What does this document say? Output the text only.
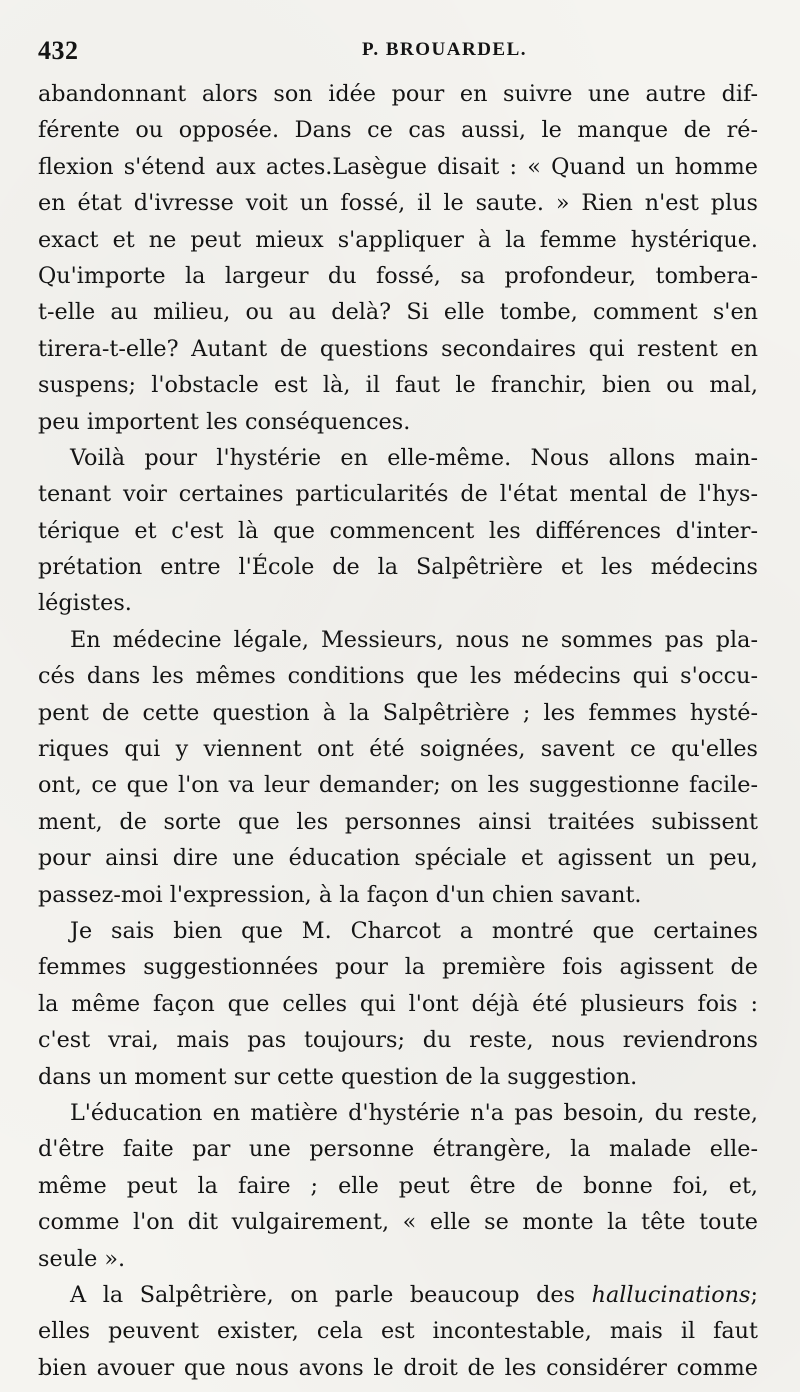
432	P. BROUARDEL.
abandonnant alors son idée pour en suivre une autre dif-
férente ou opposée. Dans ce cas aussi, le manque de ré-
flexion s'étend aux actes.Lasègue disait : « Quand un homme
en état d'ivresse voit un fossé, il le saute. » Rien n'est plus
exact et ne peut mieux s'appliquer à la femme hystérique.
Qu'importe la largeur du fossé, sa profondeur, tombera-
t-elle au milieu, ou au delà? Si elle tombe, comment s'en
tirera-t-elle? Autant de questions secondaires qui restent en
suspens; l'obstacle est là, il faut le franchir, bien ou mal,
peu importent les conséquences.
Voilà pour l'hystérie en elle-même. Nous allons main-
tenant voir certaines particularités de l'état mental de l'hys-
térique et c'est là que commencent les différences d'inter-
prétation entre l'École de la Salpêtrière et les médecins
légistes.
En médecine légale, Messieurs, nous ne sommes pas pla-
cés dans les mêmes conditions que les médecins qui s'occu-
pent de cette question à la Salpêtrière ; les femmes hysté-
riques qui y viennent ont été soignées, savent ce qu'elles
ont, ce que l'on va leur demander; on les suggestionne facile-
ment, de sorte que les personnes ainsi traitées subissent
pour ainsi dire une éducation spéciale et agissent un peu,
passez-moi l'expression, à la façon d'un chien savant.
Je sais bien que M. Charcot a montré que certaines
femmes suggestionnées pour la première fois agissent de
la même façon que celles qui l'ont déjà été plusieurs fois :
c'est vrai, mais pas toujours; du reste, nous reviendrons
dans un moment sur cette question de la suggestion.
L'éducation en matière d'hystérie n'a pas besoin, du reste,
d'être faite par une personne étrangère, la malade elle-
même peut la faire ; elle peut être de bonne foi, et,
comme l'on dit vulgairement, « elle se monte la tête toute
seule ».
A la Salpêtrière, on parle beaucoup des hallucinations;
elles peuvent exister, cela est incontestable, mais il faut
bien avouer que nous avons le droit de les considérer comme
